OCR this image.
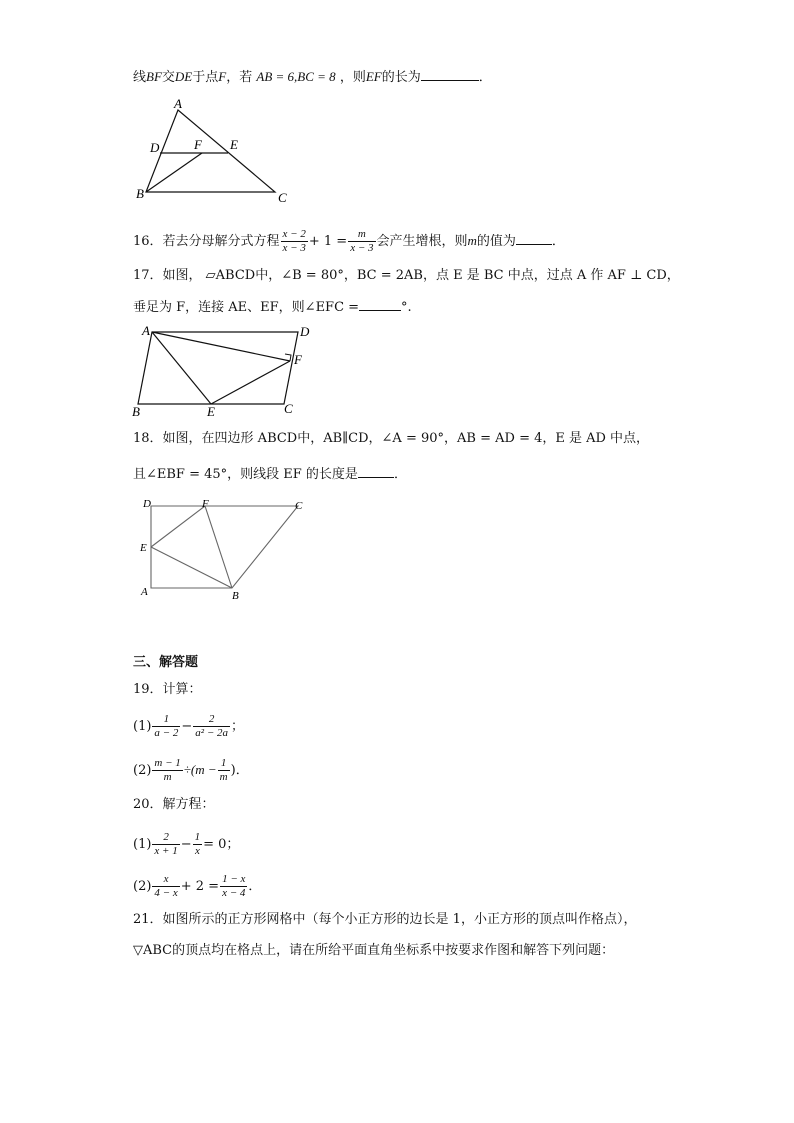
线BF交DE于点F，若 AB = 6,BC = 8 ，则EF的长为	．
A
D	F E
B	C
16．若去分母解分式方程 $\frac{x - 2}{x - 3} + 1 = \frac{m}{x - 3}$ 会产生增根，则m的值为	．
17．如图， ▱ABCD中，∠B = 80°，BC = 2AB，点 E 是 BC 中点，过点 A 作 AF ⊥ CD，
垂足为 F，连接 AE、EF，则∠EFC =	°.
A	D
F
B	E	C
18．如图，在四边形 ABCD中，AB∥CD，∠A = 90°，AB = AD = 4，E 是 AD 中点，
且∠EBF = 45°，则线段 EF 的长度是	．
D	F	C
E
A	B
三、解答题
19．计算：
$(1) \frac{1}{a - 2} - \frac{2}{\text{a² − 2a}}$ ；
$(2) \frac{m - 1}{m} \div(m - \frac{1}{m}$ )．
20．解方程：
$(1) \frac{2}{x + 1} - \frac{1}{x} = 0$；
$(2) \frac{x}{4 - x} + 2 = \frac{1 - x}{x - 4}$ ．
21．如图所示的正方形网格中（每个小正方形的边长是 1，小正方形的顶点叫作格点），
▽ABC的顶点均在格点上，请在所给平面直角坐标系中按要求作图和解答下列问题：
